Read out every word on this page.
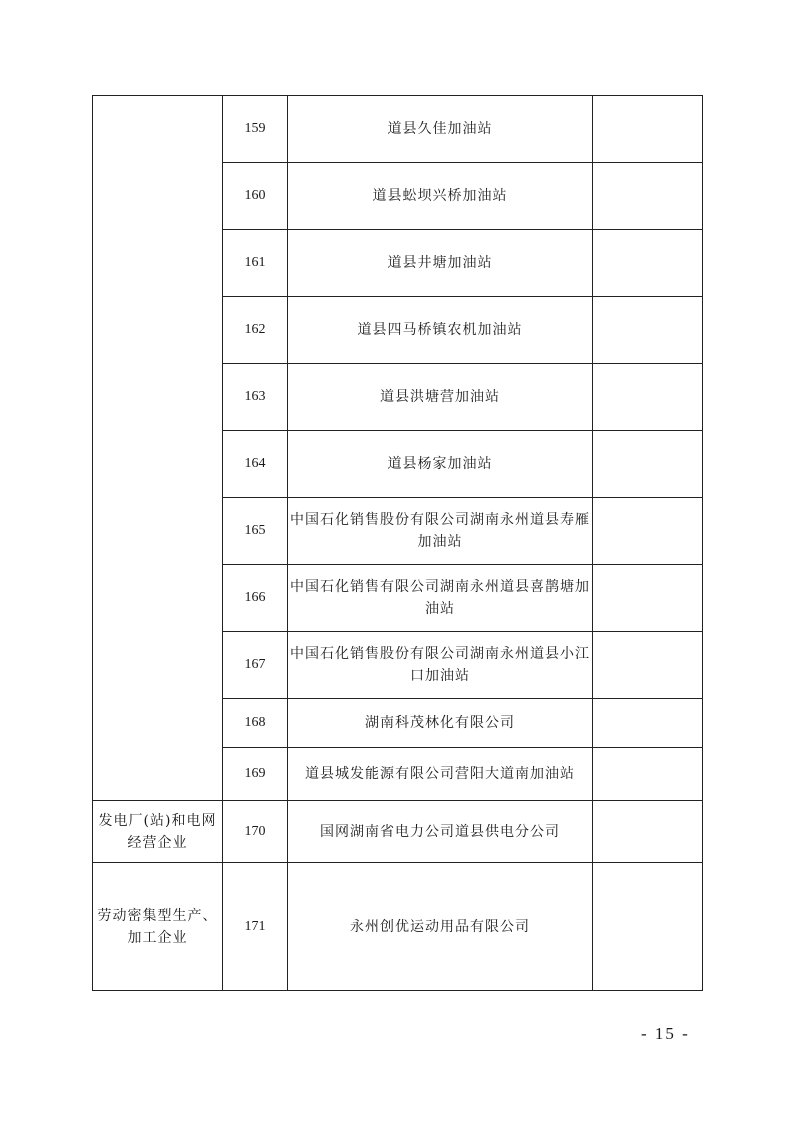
	159	道县久佳加油站	
	160	道县蚣坝兴桥加油站	
	161	道县井塘加油站	
	162	道县四马桥镇农机加油站	
	163	道县洪塘营加油站	
	164	道县杨家加油站	
	165	中国石化销售股份有限公司湖南永州道县寿雁加油站	
	166	中国石化销售有限公司湖南永州道县喜鹊塘加油站	
	167	中国石化销售股份有限公司湖南永州道县小江口加油站	
	168	湖南科茂林化有限公司	
	169	道县城发能源有限公司营阳大道南加油站	
发电厂(站)和电网经营企业	170	国网湖南省电力公司道县供电分公司	
劳动密集型生产、加工企业	171	永州创优运动用品有限公司	
- 15 -
